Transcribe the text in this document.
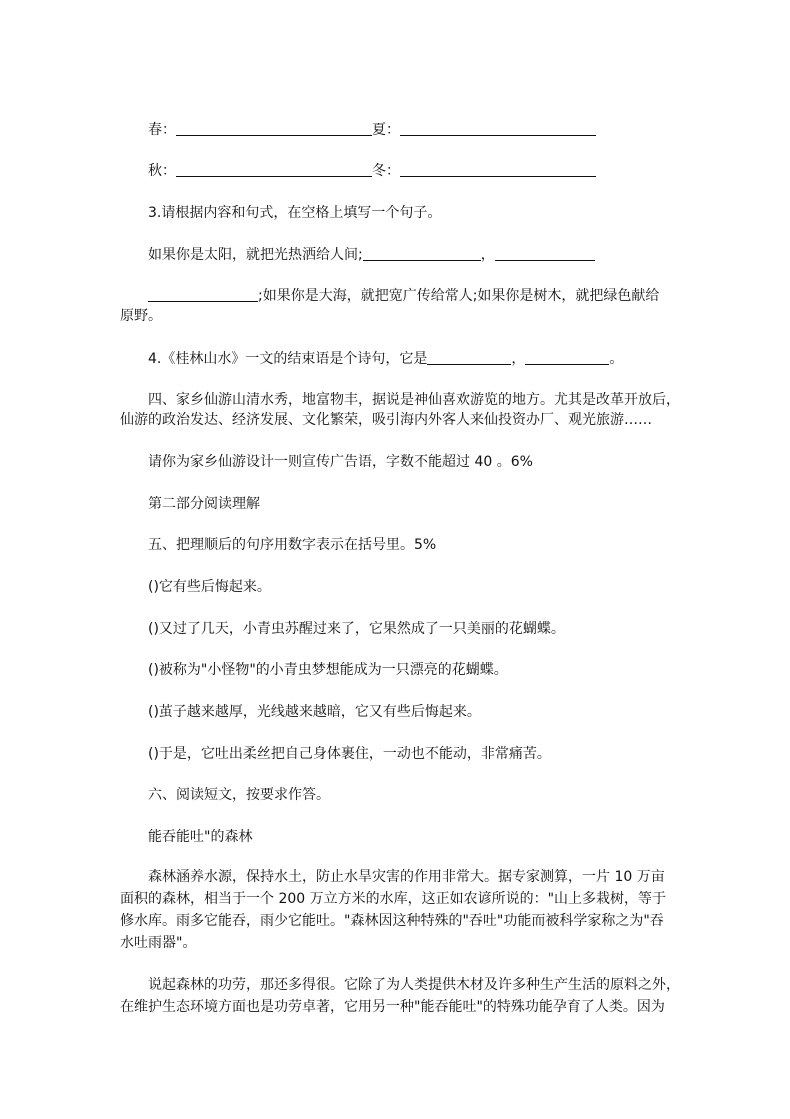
春：	夏：
秋：	冬：
3.请根据内容和句式，在空格上填写一个句子。
如果你是太阳，就把光热洒给人间;	，
;如果你是大海，就把宽广传给常人;如果你是树木，就把绿色献给
原野。
4.《桂林山水》一文的结束语是个诗句，它是	，	。
四、家乡仙游山清水秀，地富物丰，据说是神仙喜欢游览的地方。尤其是改革开放后，
仙游的政治发达、经济发展、文化繁荣，吸引海内外客人来仙投资办厂、观光旅游……
请你为家乡仙游设计一则宣传广告语，字数不能超过 40 。6%
第二部分阅读理解
五、把理顺后的句序用数字表示在括号里。5%
()它有些后悔起来。
()又过了几天，小青虫苏醒过来了，它果然成了一只美丽的花蝴蝶。
()被称为"小怪物"的小青虫梦想能成为一只漂亮的花蝴蝶。
()茧子越来越厚，光线越来越暗，它又有些后悔起来。
()于是，它吐出柔丝把自己身体裹住，一动也不能动，非常痛苦。
六、阅读短文，按要求作答。
能吞能吐"的森林
森林涵养水源，保持水土，防止水旱灾害的作用非常大。据专家测算，一片 10 万亩
面积的森林，相当于一个 200 万立方米的水库，这正如农谚所说的："山上多栽树，等于
修水库。雨多它能吞，雨少它能吐。"森林因这种特殊的"吞吐"功能而被科学家称之为"吞
水吐雨器"。
说起森林的功劳，那还多得很。它除了为人类提供木材及许多种生产生活的原料之外，
在维护生态环境方面也是功劳卓著，它用另一种"能吞能吐"的特殊功能孕育了人类。因为
